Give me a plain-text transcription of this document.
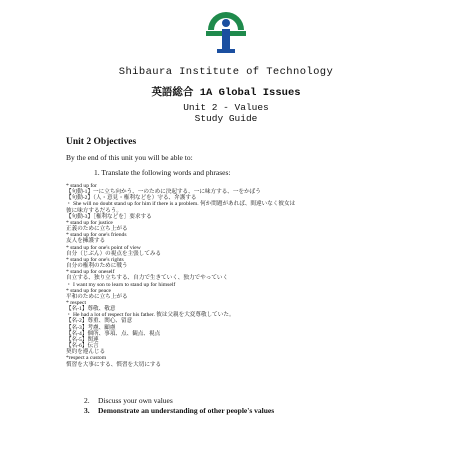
Shibaura Institute of Technology

英語総合 1A Global Issues

Unit 2 - Values

Study Guide

Unit 2 Objectives

By the end of this unit you will be able to:

1. Translate the following words and phrases:

* stand up for
【句動-1】一に立ち向かう、一のために決起する、一に味方する、一をかばう
【句動-2】（人・意見・権利などを）守る、弁護する
・ She will no doubt stand up for him if there is a problem. 何か問題があれば、間違いなく彼女は
彼に味方するだろう。
【句動-3】［権利などを］要求する
* stand up for justice
正義のために立ち上がる
* stand up for one's friends
友人を擁護する
* stand up for one's point of view
自分（じぶん）の視点を主張してみる
* stand up for one's rights
自分の権利のために戦う
* stand up for oneself
自立する、独り立ちする、自力で生きていく、独力でやっていく
・ I want my son to learn to stand up for himself
* stand up for peace
平和のために立ち上がる
* respect
【名-1】尊敬、敬意
・ He had a lot of respect for his father. 彼は父親を大変尊敬していた。
【名-2】尊重、関心、留意
【名-3】考慮、顧慮
【名-4】個所、事項、点、観点、視点
【名-5】関連
【名-6】伝言
契約を遵んじる
*respect a custom
慣習を大事にする、慣習を大切にする
2. Discuss your own values
3. Demonstrate an understanding of other people's values
